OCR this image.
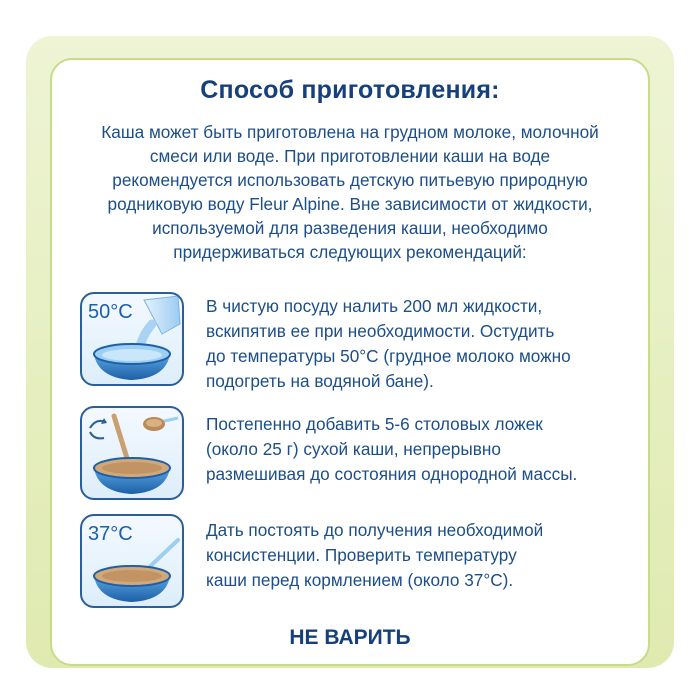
Способ приготовления:
Каша может быть приготовлена на грудном молоке, молочной
смеси или воде. При приготовлении каши на воде
рекомендуется использовать детскую питьевую природную
родниковую воду Fleur Alpine. Вне зависимости от жидкости,
используемой для разведения каши, необходимо
придерживаться следующих рекомендаций:
50°C	В чистую посуду налить 200 мл жидкости,
вскипятив ее при необходимости. Остудить
до температуры 50°С (грудное молоко можно
подогреть на водяной бане).
Постепенно добавить 5-6 столовых ложек
(около 25 г) сухой каши, непрерывно
размешивая до состояния однородной массы.
37°C	Дать постоять до получения необходимой
консистенции. Проверить температуру
каши перед кормлением (около 37°С).
НЕ ВАРИТЬ
